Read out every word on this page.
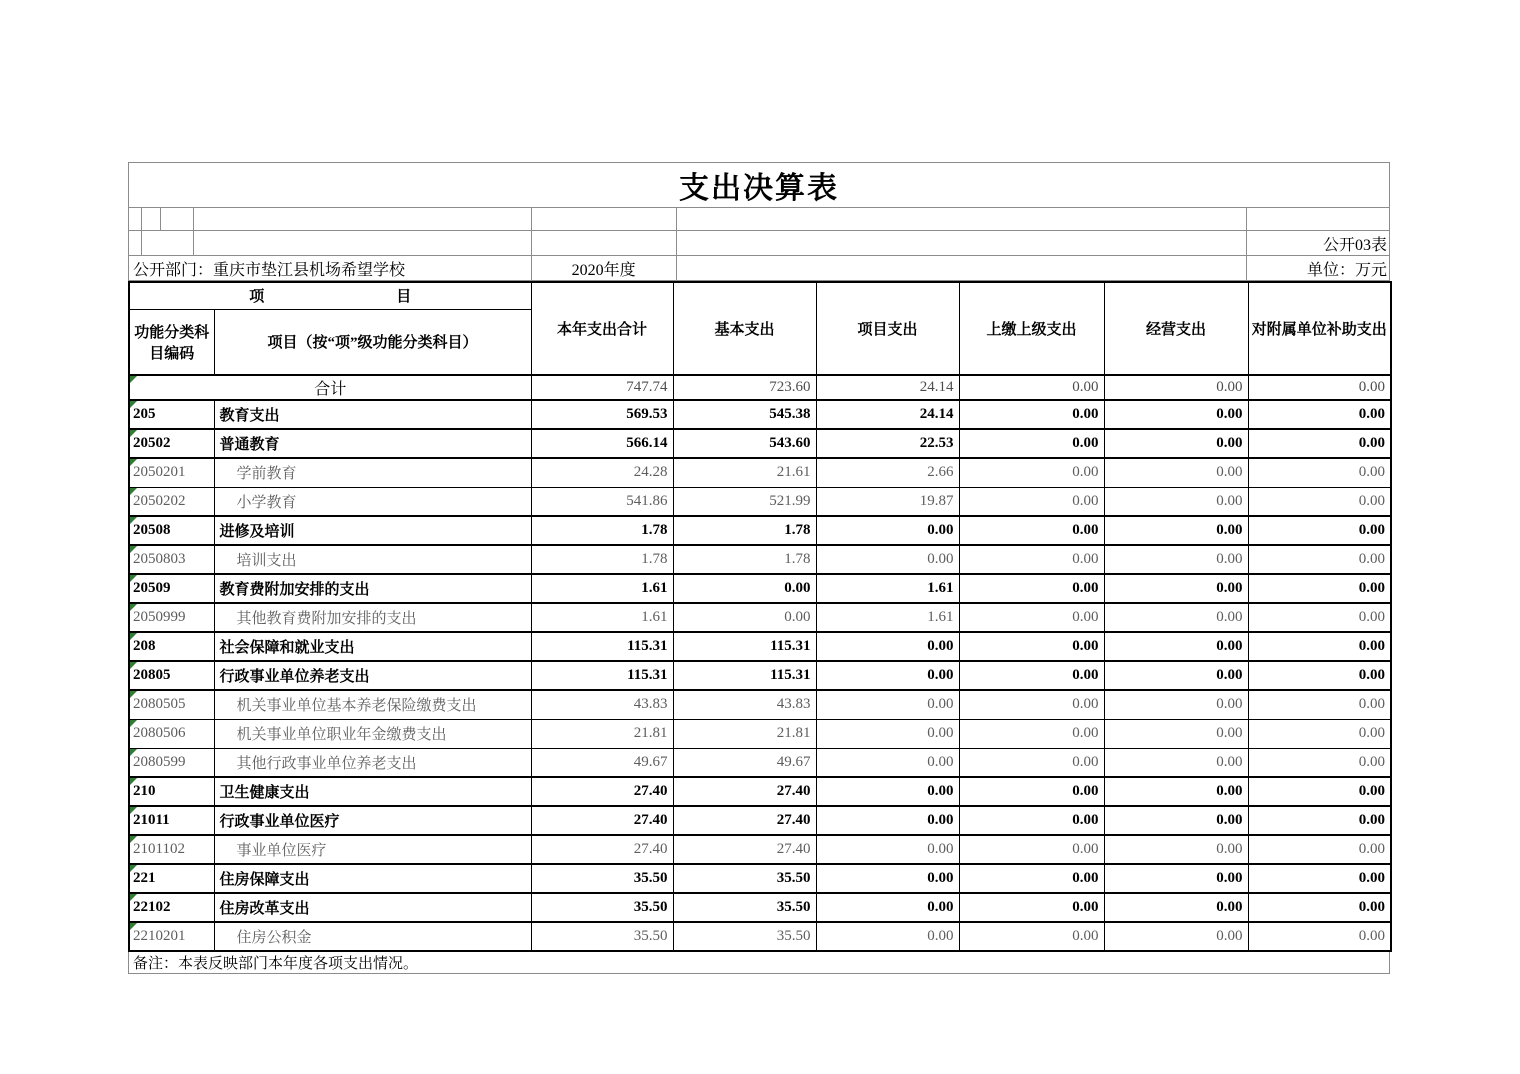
支出决算表
公开03表
公开部门：重庆市垫江县机场希望学校	2020年度	单位：万元
项 目		本年支出合计	基本支出	项目支出	上缴上级支出	经营支出	对附属单位补助支出
功能分类科目编码	项目（按“项”级功能分类科目）						

合计		747.74	723.60	24.14	0.00	0.00	0.00

205	教育支出	569.53	545.38	24.14	0.00	0.00	0.00

20502	普通教育	566.14	543.60	22.53	0.00	0.00	0.00

2050201	学前教育	24.28	21.61	2.66	0.00	0.00	0.00

2050202	小学教育	541.86	521.99	19.87	0.00	0.00	0.00

20508	进修及培训	1.78	1.78	0.00	0.00	0.00	0.00

2050803	培训支出	1.78	1.78	0.00	0.00	0.00	0.00

20509	教育费附加安排的支出	1.61	0.00	1.61	0.00	0.00	0.00

2050999	其他教育费附加安排的支出	1.61	0.00	1.61	0.00	0.00	0.00

208	社会保障和就业支出	115.31	115.31	0.00	0.00	0.00	0.00

20805	行政事业单位养老支出	115.31	115.31	0.00	0.00	0.00	0.00

2080505	机关事业单位基本养老保险缴费支出	43.83	43.83	0.00	0.00	0.00	0.00

2080506	机关事业单位职业年金缴费支出	21.81	21.81	0.00	0.00	0.00	0.00

2080599	其他行政事业单位养老支出	49.67	49.67	0.00	0.00	0.00	0.00

210	卫生健康支出	27.40	27.40	0.00	0.00	0.00	0.00

21011	行政事业单位医疗	27.40	27.40	0.00	0.00	0.00	0.00

2101102	事业单位医疗	27.40	27.40	0.00	0.00	0.00	0.00

221	住房保障支出	35.50	35.50	0.00	0.00	0.00	0.00

22102	住房改革支出	35.50	35.50	0.00	0.00	0.00	0.00

2210201	住房公积金	35.50	35.50	0.00	0.00	0.00	0.00
备注：本表反映部门本年度各项支出情况。
